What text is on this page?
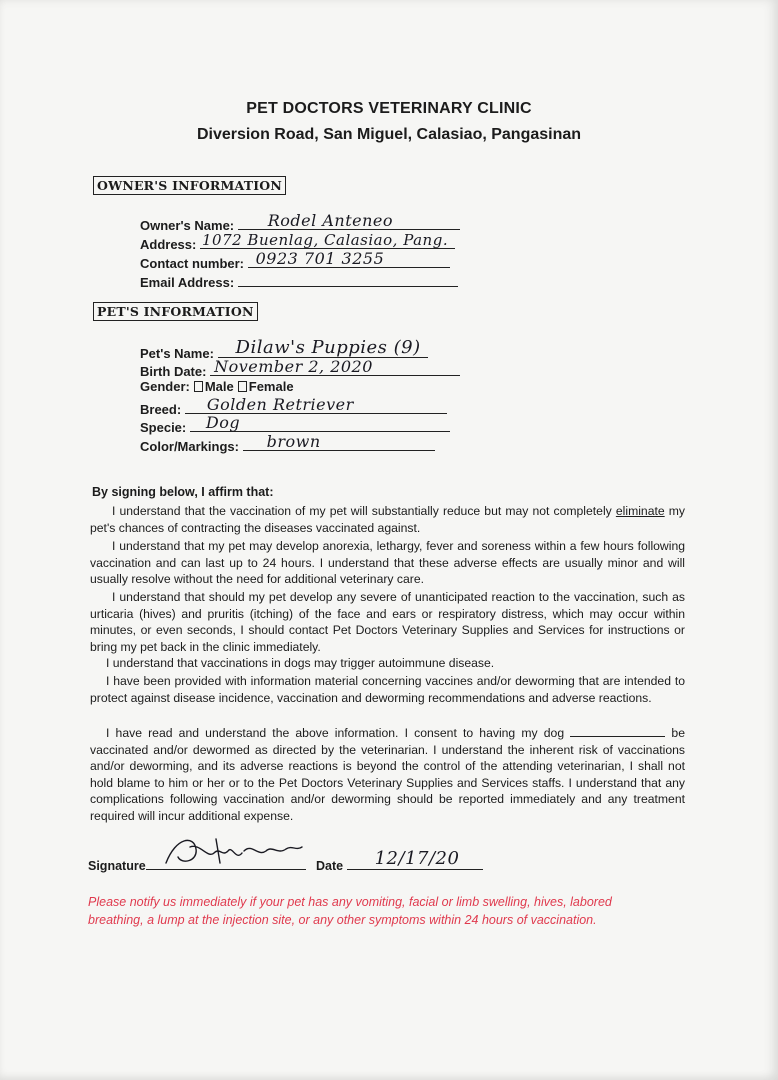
PET DOCTORS VETERINARY CLINIC
Diversion Road, San Miguel, Calasiao, Pangasinan
OWNER'S INFORMATION
Owner's Name: Rodel Anteneo
Address: 1072 Buenlag, Calasiao, Pang.
Contact number: 0923 701 3255
Email Address:
PET'S INFORMATION
Pet's Name: Dilaw's Puppies (9)
Birth Date: November 2, 2020
Gender: Male Female
Breed: Golden Retriever
Specie: Dog
Color/Markings: brown
By signing below, I affirm that:
I understand that the vaccination of my pet will substantially reduce but may not completely eliminate my pet's chances of contracting the diseases vaccinated against.
I understand that my pet may develop anorexia, lethargy, fever and soreness within a few hours following vaccination and can last up to 24 hours. I understand that these adverse effects are usually minor and will usually resolve without the need for additional veterinary care.
I understand that should my pet develop any severe of unanticipated reaction to the vaccination, such as urticaria (hives) and pruritis (itching) of the face and ears or respiratory distress, which may occur within minutes, or even seconds, I should contact Pet Doctors Veterinary Supplies and Services for instructions or bring my pet back in the clinic immediately.
I understand that vaccinations in dogs may trigger autoimmune disease.
I have been provided with information material concerning vaccines and/or deworming that are intended to protect against disease incidence, vaccination and deworming recommendations and adverse reactions.
I have read and understand the above information. I consent to having my dog	be vaccinated and/or dewormed as directed by the veterinarian. I understand the inherent risk of vaccinations and/or deworming, and its adverse reactions is beyond the control of the attending veterinarian, I shall not hold blame to him or her or to the Pet Doctors Veterinary Supplies and Services staffs. I understand that any complications following vaccination and/or deworming should be reported immediately and any treatment required will incur additional expense.
Signature	Date 12/17/20
Please notify us immediately if your pet has any vomiting, facial or limb swelling, hives, labored breathing, a lump at the injection site, or any other symptoms within 24 hours of vaccination.
